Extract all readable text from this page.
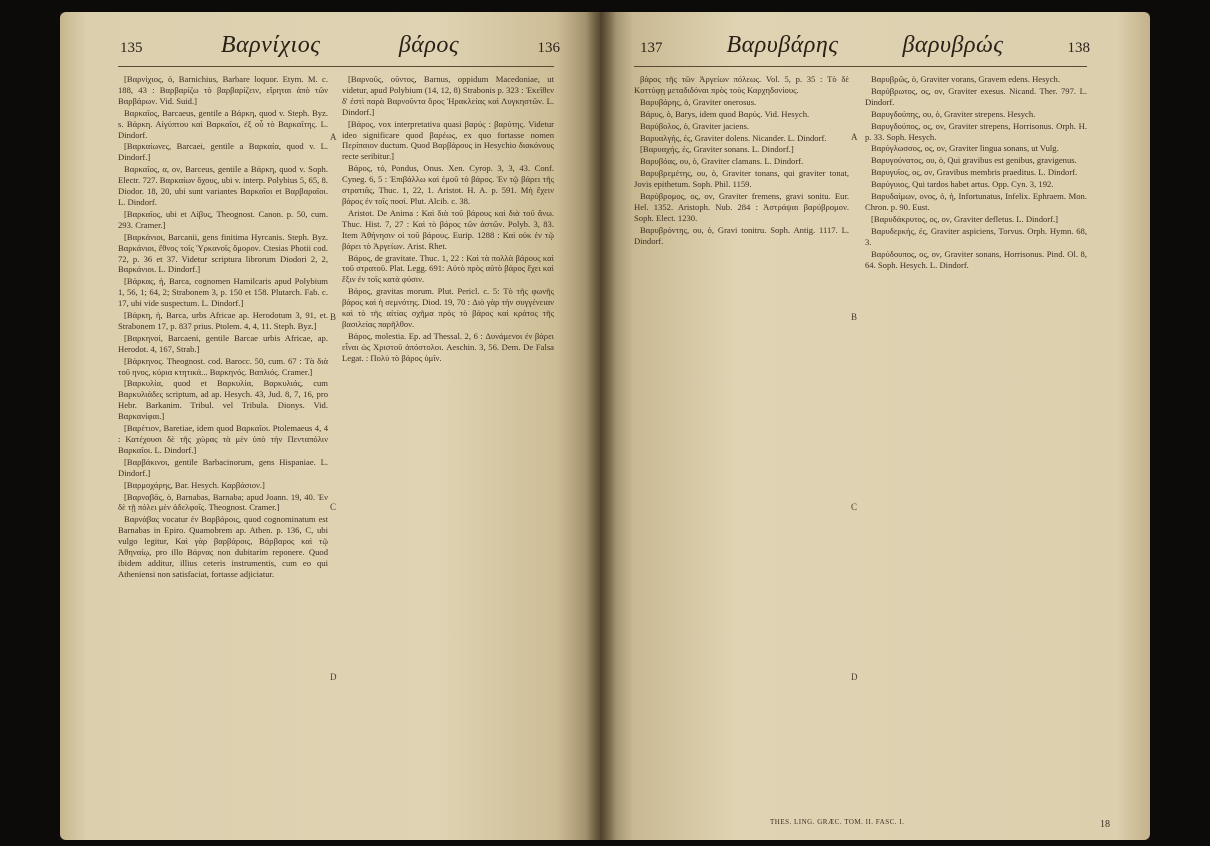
135	Βαρνίχιος	βάρος	136

[Βαρνίχιος, ὁ, Barnichius, Barbare loquor. Etym. M. c. 188, 43 : Βαρβαρίζω τὸ βαρβαρίζειν, εἴρηται ἀπὸ τῶν Βαρβάρων. Vid. Suid.]

Βαρκαῖος, Barcaeus, gentile a Βάρκη, quod v. Steph. Byz. s. Βάρκη. Αἰγύπτου καὶ Βαρκαῖοι, ἐξ οὗ τὸ Βαρκαῖτης. L. Dindorf.

[Βαρκαίωνες, Barcaei, gentile a Βαρκαία, quod v. L. Dindorf.]

Βαρκαῖος, α, ον, Barceus, gentile a Βάρκη, quod v. Soph. Electr. 727. Βαρκαίων ὄχους, ubi v. interp. Polybius 5, 65, 8. Diodor. 18, 20, ubi sunt variantes Βαρκαῖοι et Βαρβαραῖοι. L. Dindorf.

[Βαρκαῖος, ubi et Λίβυς, Theognost. Canon. p. 50, cum. 293. Cramer.]

[Βαρκάνιοι, Barcanii, gens finitima Hyrcanis. Steph. Byz. Βαρκάνιοι, ἔθνος τοῖς Ὑρκανοῖς ὅμορον. Ctesias Photii cod. 72, p. 36 et 37. Videtur scriptura librorum Diodori 2, 2, Βαρκάνιοι. L. Dindorf.]

[Βάρκας, ἡ, Barca, cognomen Hamilcaris apud Polybium 1, 56, 1; 64, 2; Strabonem 3, p. 150 et 158. Plutarch. Fab. c. 17, ubi vide suspectum. L. Dindorf.]

[Βάρκη, ἡ, Barca, urbs Africae ap. Herodotum 3, 91, et. Strabonem 17, p. 837 prius. Ptolem. 4, 4, 11. Steph. Byz.]

[Βαρκηνοί, Barcaeni, gentile Barcae urbis Africae, ap. Herodot. 4, 167, Strab.]

[Βάρκηνος. Theognost. cod. Barocc. 50, cum. 67 : Τὰ διὰ τοῦ ηνος, κύρια κτητικά... Βαρκηνός. Βαπλιός. Cramer.]

[Βαρκυλία, quod et Βαρκυλία, Βαρκυλιάς, cum Βαρκυλιάδες scriptum, ad ap. Hesych. 43, Jud. 8, 7, 16, pro Hebr. Barkanim. Tribul. vel Tribula. Dionys. Vid. Βαρκανίφαι.]

[Βαρέτιον, Baretiae, idem quod Βαρκαῖοι. Ptolemaeus 4, 4 : Κατέχουσι δὲ τῆς χώρας τὰ μὲν ὑπὸ τὴν Πενταπόλιν Βαρκαῖοι. L. Dindorf.]

[Βαρβάκινοι, gentile Barbacinorum, gens Hispaniae. L. Dindorf.]

[Βαρμοχάρης, Bar. Hesych. Καρβάσιον.]

[Βαρναβᾶς, ὁ, Barnabas, Barnaba; apud Joann. 19, 40. Ἐν δὲ τῇ πόλει μὲν ἀδελφοῖς. Theognost. Cramer.]

Βαρνάβας vocatur ἐν Βαρβάροις, quod cognominatum est Barnabas in Epiro. Quamobrem ap. Athen. p. 136, C, ubi vulgo legitur, Καὶ γὰρ βαρβάροις, Βάρβαρος καὶ τῷ Ἀθηναίῳ, pro illo Βάρνας non dubitarim reponere. Quod ibidem additur, illius ceteris instrumentis, cum eo qui Atheniensi non satisfaciat, fortasse adjiciatur.

A
B
C
D

[Βαρνοῦς, οῦντος, Barnus, oppidum Macedoniae, ut videtur, apud Polybium (14, 12, 8) Strabonis p. 323 : Ἐκεῖθεν δ' ἐστὶ παρὰ Βαρνοῦντα ὅρος Ἡρακλείας καὶ Λυγκηστῶν. L. Dindorf.]

[Βάρος, vox interpretativa quasi βαρύς : βαρύτης. Videtur ideo significare quod βαρέως, ex quo fortasse nomen Περίπαιον ductum. Quod Βαρβάρους in Hesychio διακόνους recte seribitur.]

Βάρος, τό, Pondus, Onus. Xen. Cyrop. 3, 3, 43. Conf. Cyneg. 6, 5 : Ἐπιβάλλω καὶ ἐμοῦ τὸ βάρος. Ἐν τῷ βάρει τῆς στρατιᾶς, Thuc. 1, 22, 1. Aristot. H. A. p. 591. Μὴ ἔχειν βάρος ἐν τοῖς ποσί. Plut. Alcib. c. 38.

Aristot. De Anima : Καὶ διὰ τοῦ βάρους καὶ διὰ τοῦ ἄνω. Thuc. Hist. 7, 27 : Καὶ τὸ βάρος τῶν ἀστῶν. Polyb. 3, 83. Item Ἀθήνησιν οἱ τοῦ βάρους. Eurip. 1288 : Καὶ οὐκ ἐν τῷ βάρει τὸ Ἀργείων. Arist. Rhet.

Βάρος, de gravitate. Thuc. 1, 22 : Καὶ τὰ πολλὰ βάρους καὶ τοῦ στρατοῦ. Plat. Legg. 691: Αὐτὸ πρὸς αὑτὸ βάρος ἔχει καὶ ἕξιν ἐν τοῖς κατὰ φύσιν.

Βάρος, gravitas morum. Plut. Pericl. c. 5: Τὸ τῆς φωνῆς βάρος καὶ ἡ σεμνότης. Diod. 19, 70 : Διὸ γὰρ τὴν συγγένειαν καὶ τὸ τῆς αἰτίας σχῆμα πρὸς τὸ βάρος καὶ κράτος τῆς βασιλείας παρῆλθον.

Βάρος, molestia. Ep. ad Thessal. 2, 6 : Δυνάμενοι ἐν βάρει εἶναι ὡς Χριστοῦ ἀπόστολοι. Aeschin. 3, 56. Dem. De Falsa Legat. : Πολὺ τὸ βάρος ὑμῖν.

137	Βαρυβάρης	βαρυβρώς	138

βάρος τῆς τῶν Ἀργείων πόλεως. Vol. 5, p. 35 : Τὸ δὲ Κοττύφῃ μεταδιδόναι πρὸς τοὺς Καρχηδονίους.

Βαρυβάρης, ὁ, Graviter onerosus.

Βάρυς, ὁ, Barys, idem quod Βαρύς. Vid. Hesych.

Βαρύβολος, ὁ, Graviter jaciens.

Βαρυαλγής, ές, Graviter dolens. Nicander. L. Dindorf.

[Βαρυαχής, ές, Graviter sonans. L. Dindorf.]

Βαρυβόας, ου, ὁ, Graviter clamans. L. Dindorf.

Βαρυβρεμέτης, ου, ὁ, Graviter tonans, qui graviter tonat, Jovis epithetum. Soph. Phil. 1159.

Βαρύβρομος, ος, ον, Graviter fremens, gravi sonitu. Eur. Hel. 1352. Aristoph. Nub. 284 : Ἀστράψαι βαρύβρομον. Soph. Elect. 1230.

Βαρυβρόντης, ου, ὁ, Gravi tonitru. Soph. Antig. 1117. L. Dindorf.

A
B
C
D

Βαρυβρῶς, ὁ, Graviter vorans, Gravem edens. Hesych.

Βαρύβρωτος, ος, ον, Graviter exesus. Nicand. Ther. 797. L. Dindorf.

Βαρυγδούπης, ου, ὁ, Graviter strepens. Hesych.

Βαρυγδούπος, ος, ον, Graviter strepens, Horrisonus. Orph. H. p. 33. Soph. Hesych.

Βαρύγλωσσος, ος, ον, Graviter lingua sonans, ut Vulg.

Βαρυγούνατος, ου, ὁ, Qui gravibus est genibus, gravigenus.

Βαρυγυῖος, ος, ον, Gravibus membris praeditus. L. Dindorf.

Βαρύγυιος, Qui tardos habet artus. Opp. Cyn. 3, 192.

Βαρυδαίμων, ονος, ὁ, ἡ, Infortunatus, Infelix. Ephraem. Mon. Chron. p. 90. Eust.

[Βαρυδάκρυτος, ος, ον, Graviter defletus. L. Dindorf.]

Βαρυδερκής, ές, Graviter aspiciens, Torvus. Orph. Hymn. 68, 3.

Βαρύδουπος, ος, ον, Graviter sonans, Horrisonus. Pind. Ol. 8, 64. Soph. Hesych. L. Dindorf.

THES. LING. GRÆC. TOM. II. FASC. I.	18
